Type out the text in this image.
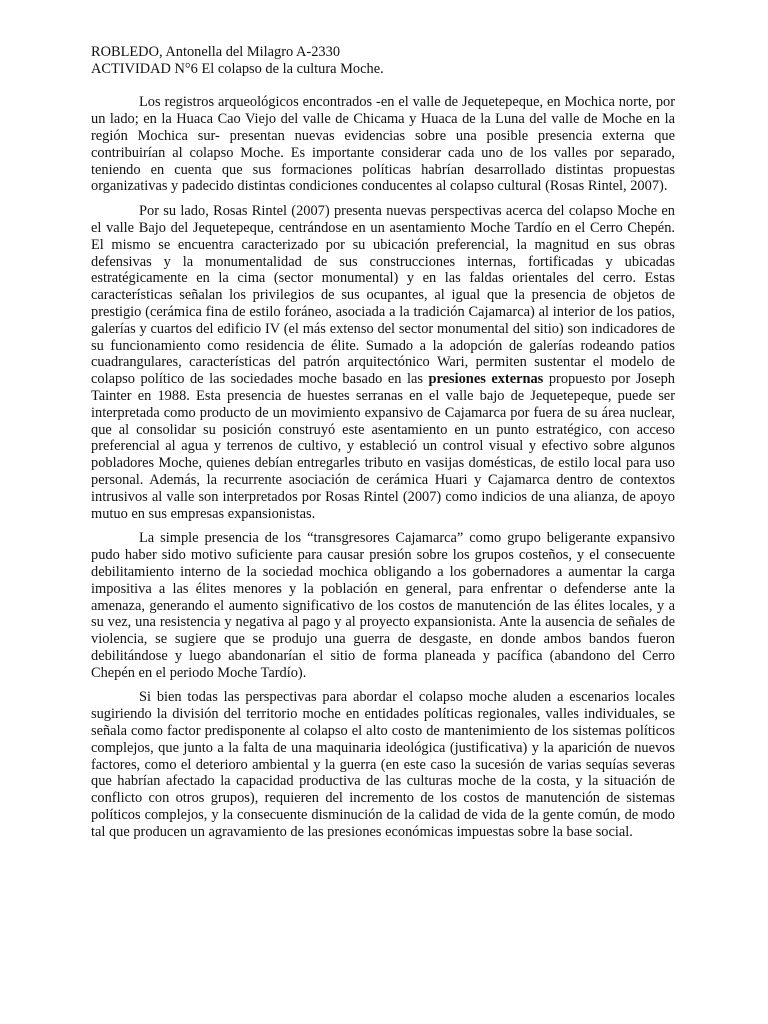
ROBLEDO, Antonella del Milagro A-2330

ACTIVIDAD N°6 El colapso de la cultura Moche.

Los registros arqueológicos encontrados -en el valle de Jequetepeque, en Mochica norte, por un lado; en la Huaca Cao Viejo del valle de Chicama y Huaca de la Luna del valle de Moche en la región Mochica sur- presentan nuevas evidencias sobre una posible presencia externa que contribuirían al colapso Moche. Es importante considerar cada uno de los valles por separado, teniendo en cuenta que sus formaciones políticas habrían desarrollado distintas propuestas organizativas y padecido distintas condiciones conducentes al colapso cultural (Rosas Rintel, 2007).

Por su lado, Rosas Rintel (2007) presenta nuevas perspectivas acerca del colapso Moche en el valle Bajo del Jequetepeque, centrándose en un asentamiento Moche Tardío en el Cerro Chepén. El mismo se encuentra caracterizado por su ubicación preferencial, la magnitud en sus obras defensivas y la monumentalidad de sus construcciones internas, fortificadas y ubicadas estratégicamente en la cima (sector monumental) y en las faldas orientales del cerro. Estas características señalan los privilegios de sus ocupantes, al igual que la presencia de objetos de prestigio (cerámica fina de estilo foráneo, asociada a la tradición Cajamarca) al interior de los patios, galerías y cuartos del edificio IV (el más extenso del sector monumental del sitio) son indicadores de su funcionamiento como residencia de élite. Sumado a la adopción de galerías rodeando patios cuadrangulares, características del patrón arquitectónico Wari, permiten sustentar el modelo de colapso político de las sociedades moche basado en las presiones externas propuesto por Joseph Tainter en 1988. Esta presencia de huestes serranas en el valle bajo de Jequetepeque, puede ser interpretada como producto de un movimiento expansivo de Cajamarca por fuera de su área nuclear, que al consolidar su posición construyó este asentamiento en un punto estratégico, con acceso preferencial al agua y terrenos de cultivo, y estableció un control visual y efectivo sobre algunos pobladores Moche, quienes debían entregarles tributo en vasijas domésticas, de estilo local para uso personal. Además, la recurrente asociación de cerámica Huari y Cajamarca dentro de contextos intrusivos al valle son interpretados por Rosas Rintel (2007) como indicios de una alianza, de apoyo mutuo en sus empresas expansionistas.

La simple presencia de los “transgresores Cajamarca” como grupo beligerante expansivo pudo haber sido motivo suficiente para causar presión sobre los grupos costeños, y el consecuente debilitamiento interno de la sociedad mochica obligando a los gobernadores a aumentar la carga impositiva a las élites menores y la población en general, para enfrentar o defenderse ante la amenaza, generando el aumento significativo de los costos de manutención de las élites locales, y a su vez, una resistencia y negativa al pago y al proyecto expansionista. Ante la ausencia de señales de violencia, se sugiere que se produjo una guerra de desgaste, en donde ambos bandos fueron debilitándose y luego abandonarían el sitio de forma planeada y pacífica (abandono del Cerro Chepén en el periodo Moche Tardío).

Si bien todas las perspectivas para abordar el colapso moche aluden a escenarios locales sugiriendo la división del territorio moche en entidades políticas regionales, valles individuales, se señala como factor predisponente al colapso el alto costo de mantenimiento de los sistemas políticos complejos, que junto a la falta de una maquinaria ideológica (justificativa) y la aparición de nuevos factores, como el deterioro ambiental y la guerra (en este caso la sucesión de varias sequías severas que habrían afectado la capacidad productiva de las culturas moche de la costa, y la situación de conflicto con otros grupos), requieren del incremento de los costos de manutención de sistemas políticos complejos, y la consecuente disminución de la calidad de vida de la gente común, de modo tal que producen un agravamiento de las presiones económicas impuestas sobre la base social.
